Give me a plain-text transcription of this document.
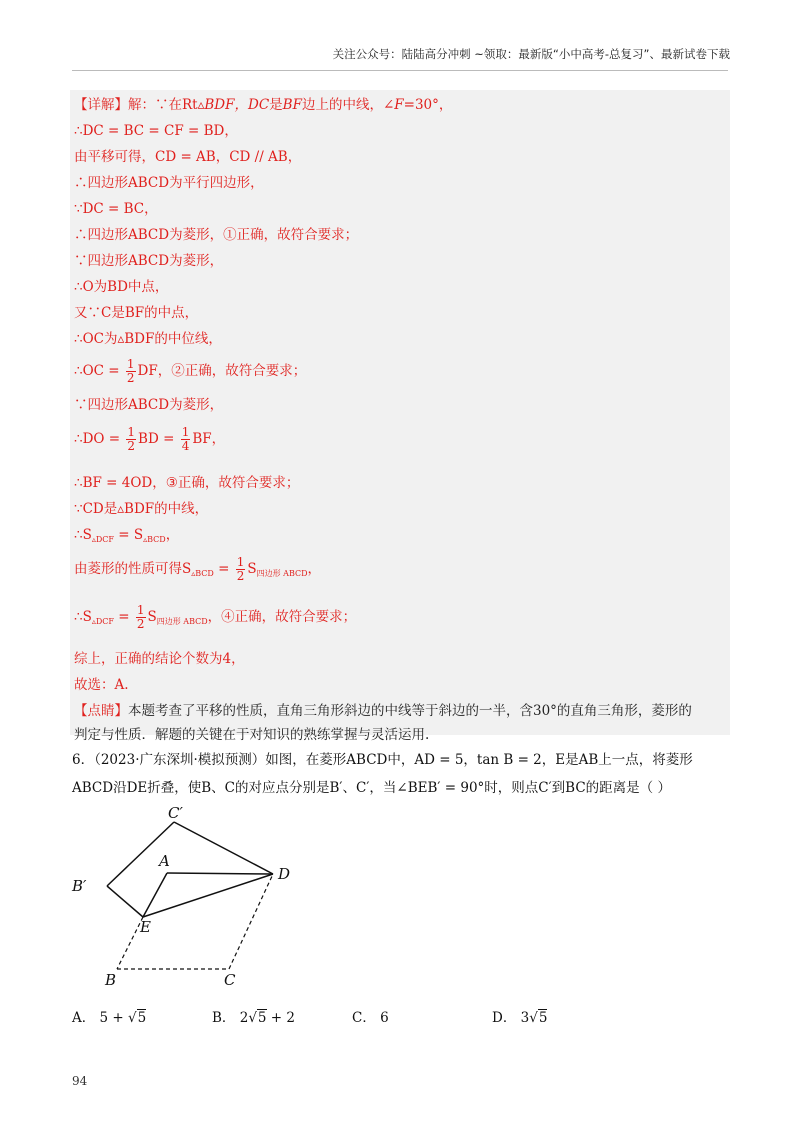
关注公众号：陆陆高分冲刺 ~领取：最新版“小中高考-总复习”、最新试卷下载
【详解】解：∵在Rt▵BDF，DC是BF边上的中线，∠F=30°，
∴DC = BC = CF = BD，
由平移可得，CD = AB，CD // AB，
∴四边形ABCD为平行四边形，
∵DC = BC，
∴四边形ABCD为菱形，①正确，故符合要求；
∵四边形ABCD为菱形，
∴O为BD中点，
又∵C是BF的中点，
∴OC为▵BDF的中位线，
∴OC = $\frac{1}{2}$ DF，②正确，故符合要求；
∵四边形ABCD为菱形，
∴DO = $\frac{1}{2}$ BD = $\frac{1}{4}$ BF，
∴BF = 4OD，③正确，故符合要求；
∵CD是▵BDF的中线，
$\therefore S_{▵DCF} = S_{▵BCD}$，
由菱形的性质可得$S_{▵BCD} = \frac{1}{2} S_{四边形 ABCD}$，
$\therefore S_{▵DCF} = \frac{1}{2} S_{四边形 ABCD}$，④正确，故符合要求；
综上，正确的结论个数为4，
故选：A.
【点睛】本题考查了平移的性质，直角三角形斜边的中线等于斜边的一半，含30°的直角三角形，菱形的
判定与性质．解题的关键在于对知识的熟练掌握与灵活运用.
6．（2023·广东深圳·模拟预测）如图，在菱形ABCD中，AD = 5，tan B = 2，E是AB上一点，将菱形
ABCD沿DE折叠，使B、C的对应点分别是B′、C′，当∠BEB′ = 90°时，则点C′到BC的距离是（ ）
C′
A
D
B′
E
B	C
A． 5 + √5	B． 2√5 + 2	C． 6	D． 3√5
94
